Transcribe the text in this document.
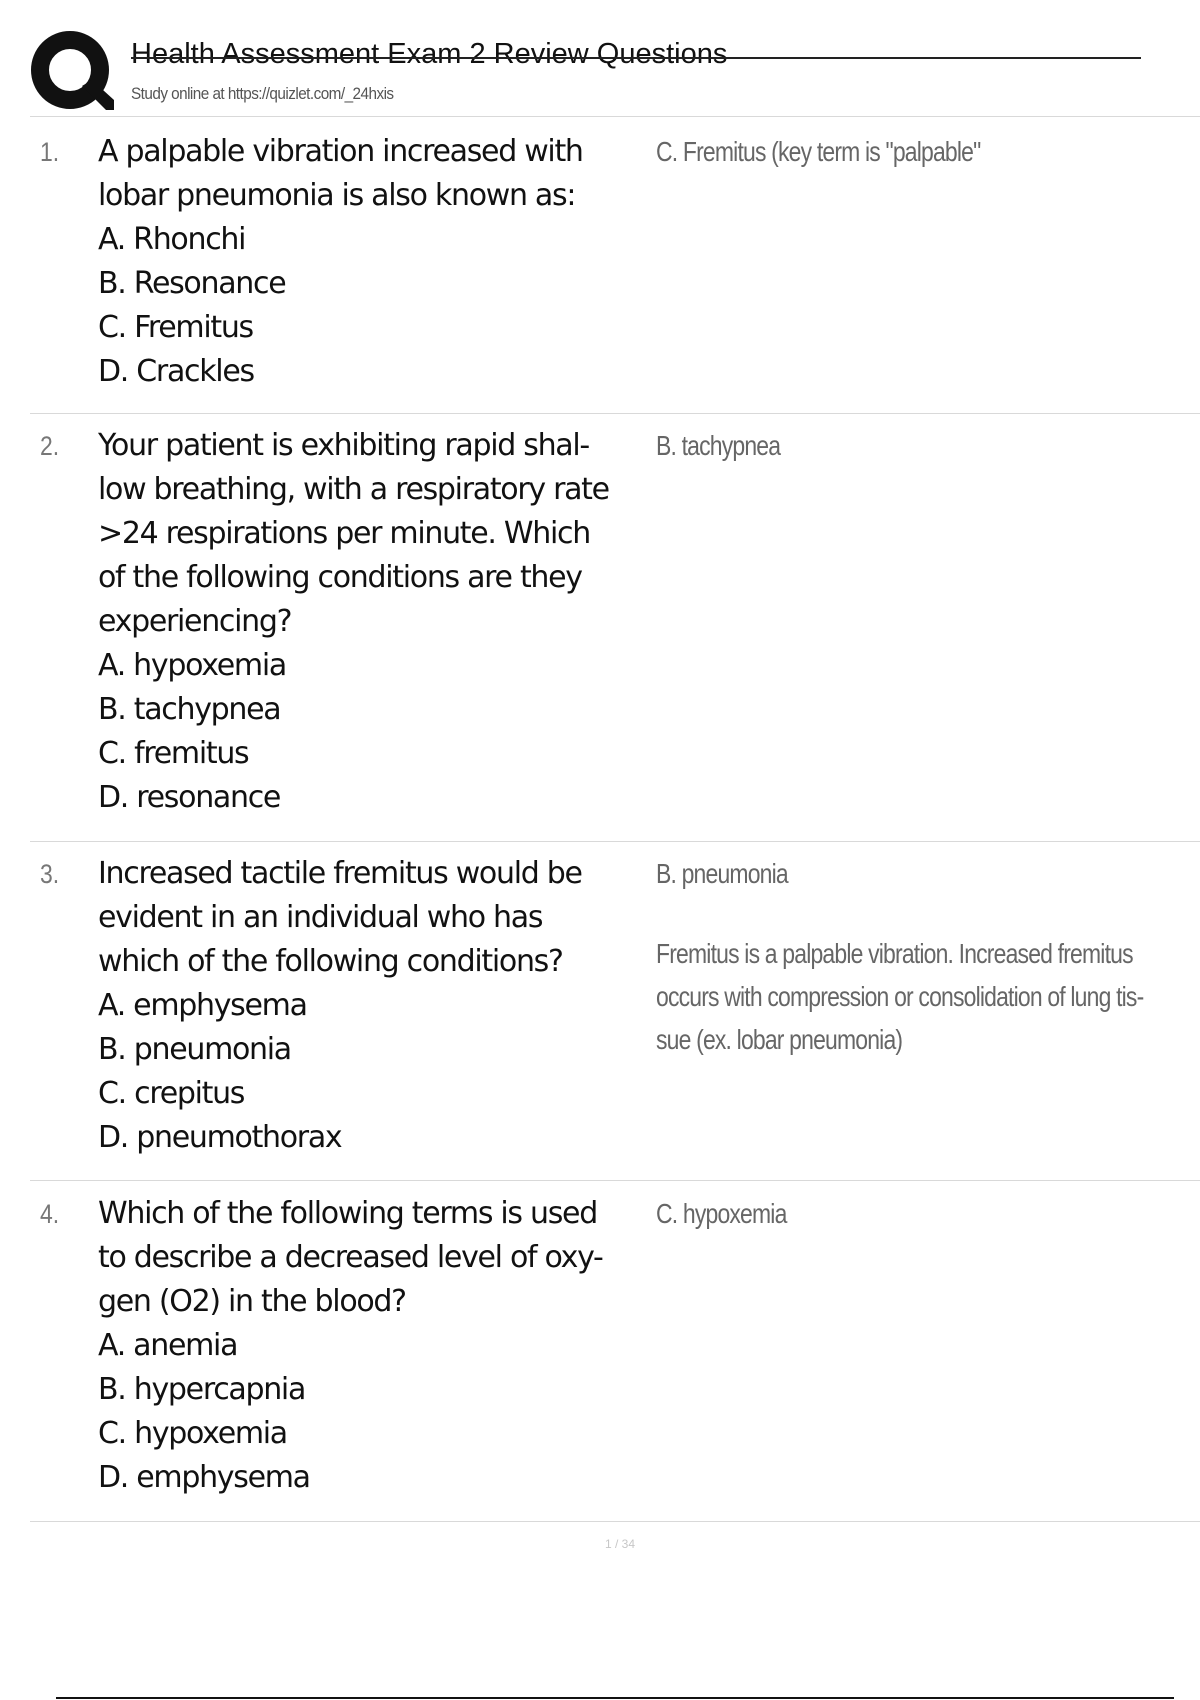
Health Assessment Exam 2 Review Questions
Study online at https://quizlet.com/_24hxis
1. A palpable vibration increased with
lobar pneumonia is also known as:
A. Rhonchi
B. Resonance
C. Fremitus
D. Crackles
C. Fremitus (key term is "palpable"
2. Your patient is exhibiting rapid shal-
low breathing, with a respiratory rate
>24 respirations per minute. Which
of the following conditions are they
experiencing?
A. hypoxemia
B. tachypnea
C. fremitus
D. resonance
B. tachypnea
3. Increased tactile fremitus would be
evident in an individual who has
which of the following conditions?
A. emphysema
B. pneumonia
C. crepitus
D. pneumothorax
B. pneumonia
Fremitus is a palpable vibration. Increased fremitus
occurs with compression or consolidation of lung tis-
sue (ex. lobar pneumonia)
4. Which of the following terms is used
to describe a decreased level of oxy-
gen (O2) in the blood?
A. anemia
B. hypercapnia
C. hypoxemia
D. emphysema
C. hypoxemia
1 / 34
